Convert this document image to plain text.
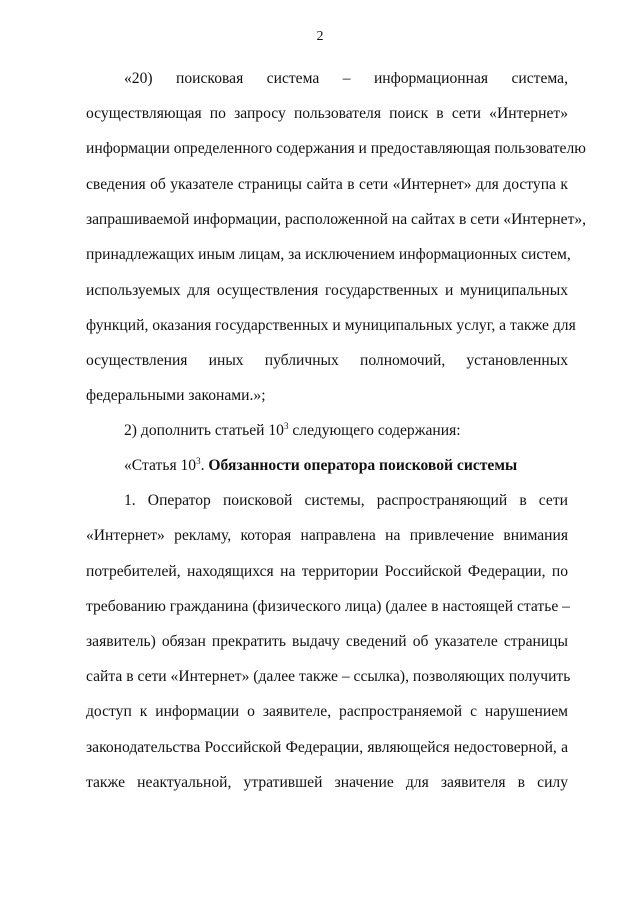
2
«20) поисковая система – информационная система,
осуществляющая по запросу пользователя поиск в сети «Интернет»
информации определенного содержания и предоставляющая пользователю
сведения об указателе страницы сайта в сети «Интернет» для доступа к
запрашиваемой информации, расположенной на сайтах в сети «Интернет»,
принадлежащих иным лицам, за исключением информационных систем,
используемых для осуществления государственных и муниципальных
функций, оказания государственных и муниципальных услуг, а также для
осуществления иных публичных полномочий, установленных
федеральными законами.»;
2) дополнить статьей $10^3$ следующего содержания:
«Статья $10^3$. Обязанности оператора поисковой системы
1. Оператор поисковой системы, распространяющий в сети
«Интернет» рекламу, которая направлена на привлечение внимания
потребителей, находящихся на территории Российской Федерации, по
требованию гражданина (физического лица) (далее в настоящей статье –
заявитель) обязан прекратить выдачу сведений об указателе страницы
сайта в сети «Интернет» (далее также – ссылка), позволяющих получить
доступ к информации о заявителе, распространяемой с нарушением
законодательства Российской Федерации, являющейся недостоверной, а
также неактуальной, утратившей значение для заявителя в силу
